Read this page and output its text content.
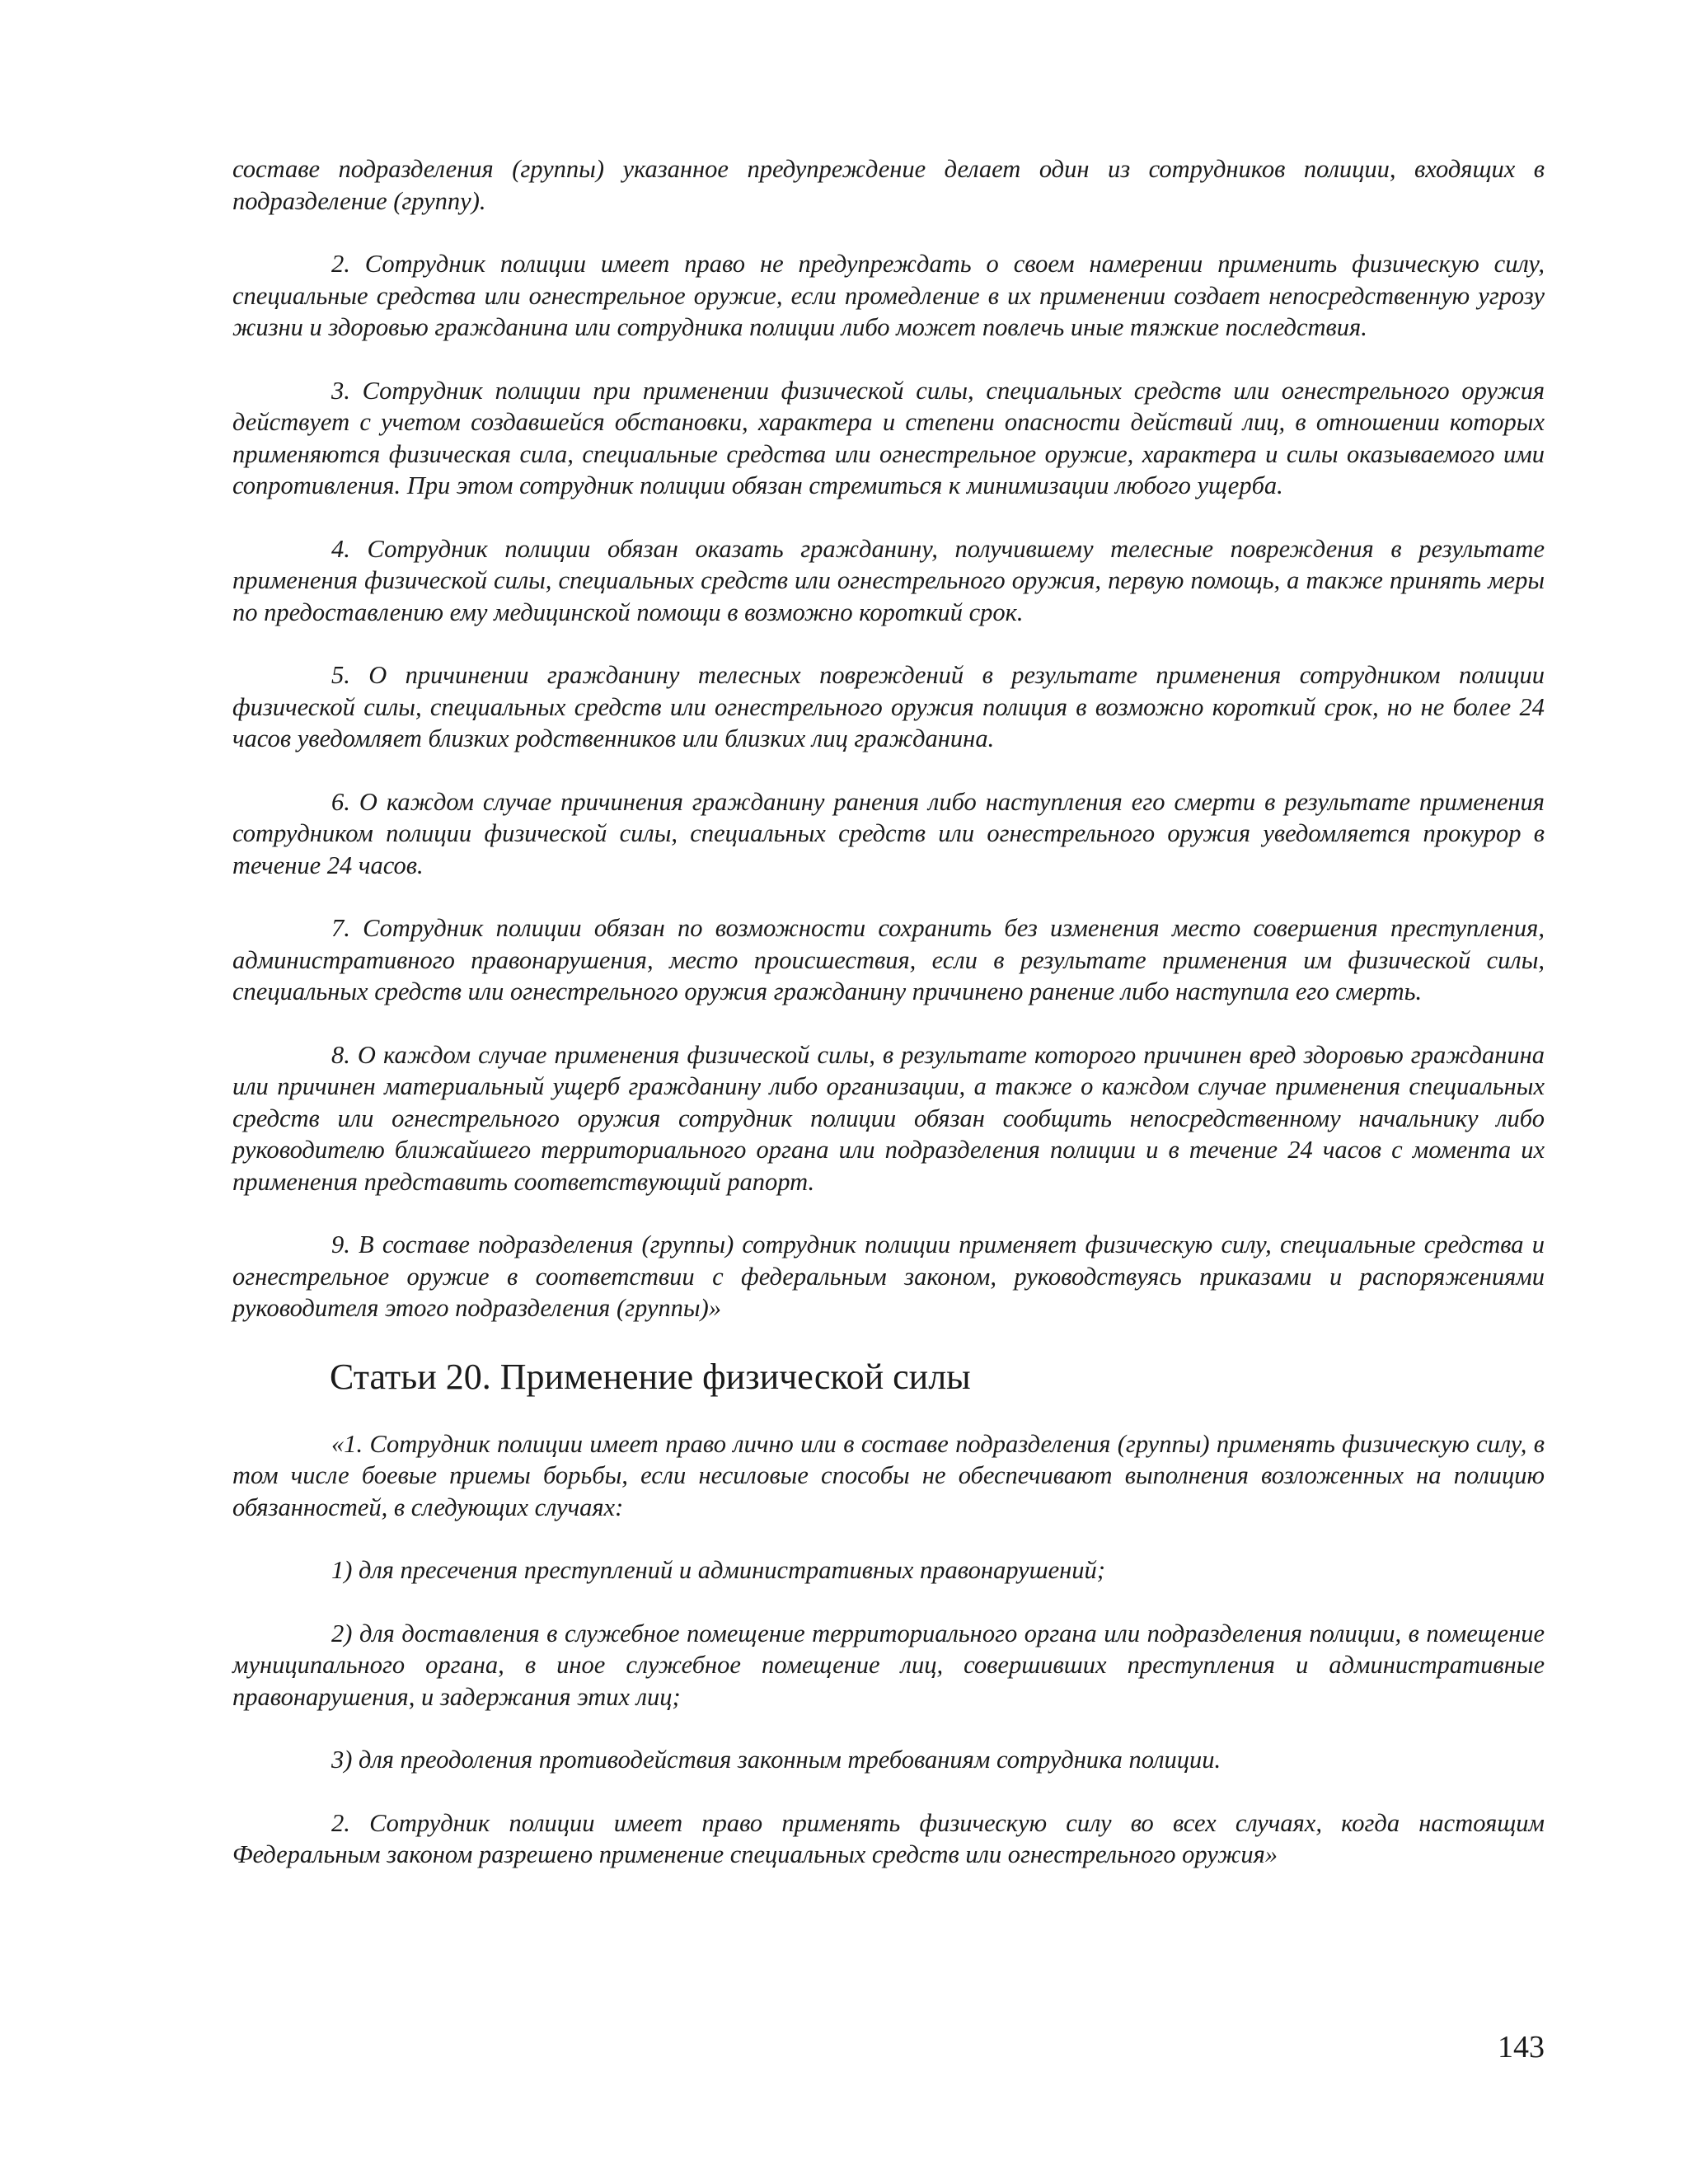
составе подразделения (группы) указанное предупреждение делает один из сотрудников полиции, входящих в подразделение (группу).

2. Сотрудник полиции имеет право не предупреждать о своем намерении применить физическую силу, специальные средства или огнестрельное оружие, если промедление в их применении создает непосредственную угрозу жизни и здоровью гражданина или сотрудника полиции либо может повлечь иные тяжкие последствия.

3. Сотрудник полиции при применении физической силы, специальных средств или огнестрельного оружия действует с учетом создавшейся обстановки, характера и степени опасности действий лиц, в отношении которых применяются физическая сила, специальные средства или огнестрельное оружие, характера и силы оказываемого ими сопротивления. При этом сотрудник полиции обязан стремиться к минимизации любого ущерба.

4. Сотрудник полиции обязан оказать гражданину, получившему телесные повреждения в результате применения физической силы, специальных средств или огнестрельного оружия, первую помощь, а также принять меры по предоставлению ему медицинской помощи в возможно короткий срок.

5. О причинении гражданину телесных повреждений в результате применения сотрудником полиции физической силы, специальных средств или огнестрельного оружия полиция в возможно короткий срок, но не более 24 часов уведомляет близких родственников или близких лиц гражданина.

6. О каждом случае причинения гражданину ранения либо наступления его смерти в результате применения сотрудником полиции физической силы, специальных средств или огнестрельного оружия уведомляется прокурор в течение 24 часов.

7. Сотрудник полиции обязан по возможности сохранить без изменения место совершения преступления, административного правонарушения, место происшествия, если в результате применения им физической силы, специальных средств или огнестрельного оружия гражданину причинено ранение либо наступила его смерть.

8. О каждом случае применения физической силы, в результате которого причинен вред здоровью гражданина или причинен материальный ущерб гражданину либо организации, а также о каждом случае применения специальных средств или огнестрельного оружия сотрудник полиции обязан сообщить непосредственному начальнику либо руководителю ближайшего территориального органа или подразделения полиции и в течение 24 часов с момента их применения представить соответствующий рапорт.

9. В составе подразделения (группы) сотрудник полиции применяет физическую силу, специальные средства и огнестрельное оружие в соответствии с федеральным законом, руководствуясь приказами и распоряжениями руководителя этого подразделения (группы)»

Статьи 20. Применение физической силы

«1. Сотрудник полиции имеет право лично или в составе подразделения (группы) применять физическую силу, в том числе боевые приемы борьбы, если несиловые способы не обеспечивают выполнения возложенных на полицию обязанностей, в следующих случаях:

1) для пресечения преступлений и административных правонарушений;

2) для доставления в служебное помещение территориального органа или подразделения полиции, в помещение муниципального органа, в иное служебное помещение лиц, совершивших преступления и административные правонарушения, и задержания этих лиц;

3) для преодоления противодействия законным требованиям сотрудника полиции.

2. Сотрудник полиции имеет право применять физическую силу во всех случаях, когда настоящим Федеральным законом разрешено применение специальных средств или огнестрельного оружия»

143
